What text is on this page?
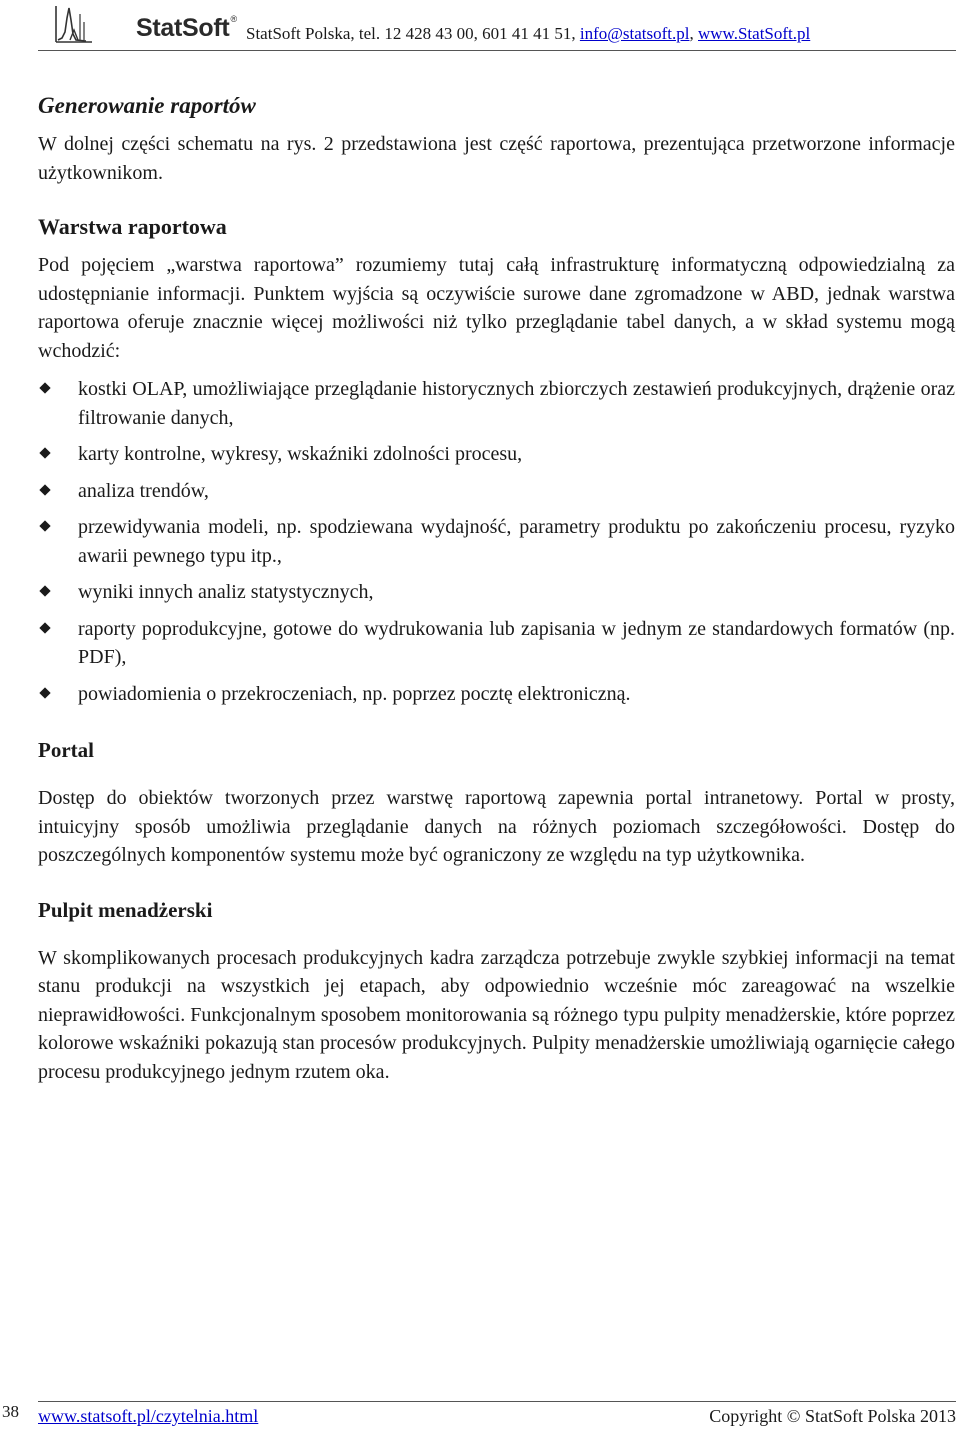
StatSoft®
StatSoft Polska, tel. 12 428 43 00, 601 41 41 51, info@statsoft.pl, www.StatSoft.pl
Generowanie raportów

W dolnej części schematu na rys. 2 przedstawiona jest część raportowa, prezentująca przetworzone informacje użytkownikom.

Warstwa raportowa

Pod pojęciem „warstwa raportowa” rozumiemy tutaj całą infrastrukturę informatyczną odpowiedzialną za udostępnianie informacji. Punktem wyjścia są oczywiście surowe dane zgromadzone w ABD, jednak warstwa raportowa oferuje znacznie więcej możliwości niż tylko przeglądanie tabel danych, a w skład systemu mogą wchodzić:

kostki OLAP, umożliwiające przeglądanie historycznych zbiorczych zestawień produkcyjnych, drążenie oraz filtrowanie danych,
karty kontrolne, wykresy, wskaźniki zdolności procesu,
analiza trendów,
przewidywania modeli, np. spodziewana wydajność, parametry produktu po zakończeniu procesu, ryzyko awarii pewnego typu itp.,
wyniki innych analiz statystycznych,
raporty poprodukcyjne, gotowe do wydrukowania lub zapisania w jednym ze standardowych formatów (np. PDF),
powiadomienia o przekroczeniach, np. poprzez pocztę elektroniczną.
Portal

Dostęp do obiektów tworzonych przez warstwę raportową zapewnia portal intranetowy. Portal w prosty, intuicyjny sposób umożliwia przeglądanie danych na różnych poziomach szczegółowości. Dostęp do poszczególnych komponentów systemu może być ograniczony ze względu na typ użytkownika.

Pulpit menadżerski

W skomplikowanych procesach produkcyjnych kadra zarządcza potrzebuje zwykle szybkiej informacji na temat stanu produkcji na wszystkich jej etapach, aby odpowiednio wcześnie móc zareagować na wszelkie nieprawidłowości. Funkcjonalnym sposobem monitorowania są różnego typu pulpity menadżerskie, które poprzez kolorowe wskaźniki pokazują stan procesów produkcyjnych. Pulpity menadżerskie umożliwiają ogarnięcie całego procesu produkcyjnego jednym rzutem oka.

38 www.statsoft.pl/czytelnia.html	Copyright © StatSoft Polska 2013
